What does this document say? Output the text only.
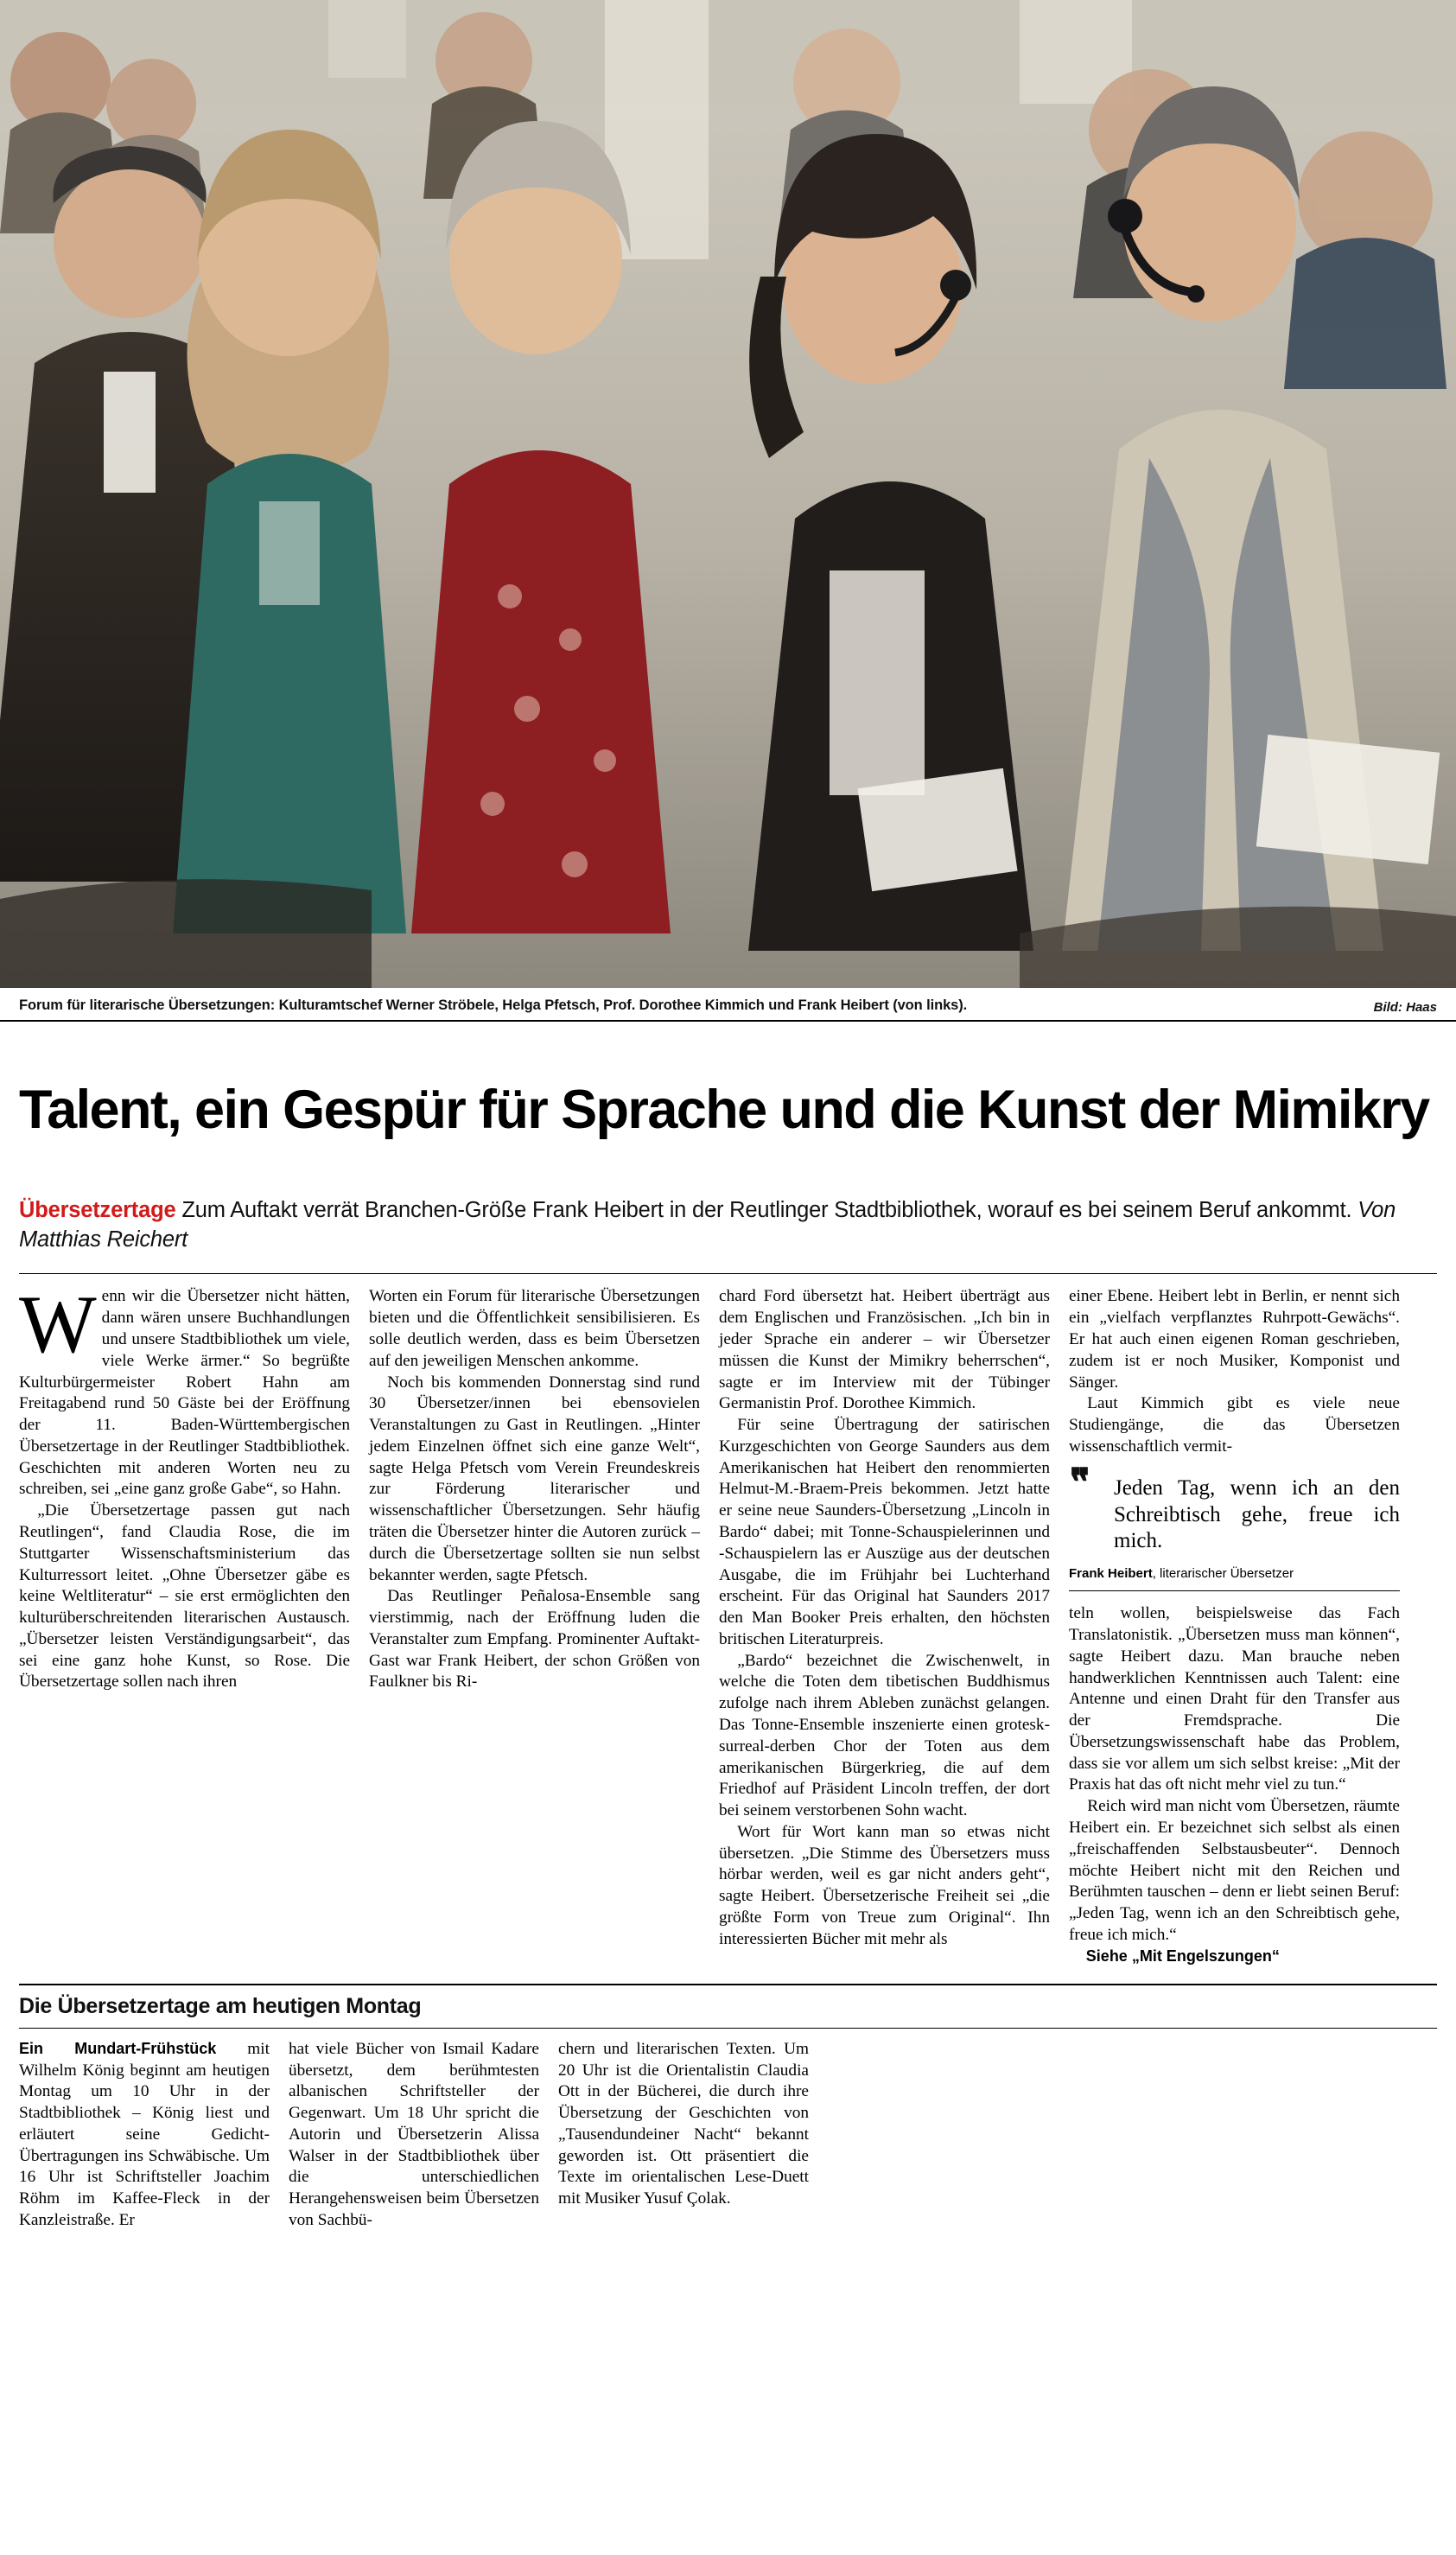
Forum für literarische Übersetzungen: Kulturamtschef Werner Ströbele, Helga Pfetsch, Prof. Dorothee Kimmich und Frank Heibert (von links).	Bild: Haas
Talent, ein Gespür für Sprache und die Kunst der Mimikry
Übersetzertage Zum Auftakt verrät Branchen-Größe Frank Heibert in der Reutlinger Stadtbibliothek, worauf es bei seinem Beruf ankommt. Von Matthias Reichert

Wenn wir die Übersetzer nicht hätten, dann wären unsere Buchhandlungen und unsere Stadtbibliothek um viele, viele Werke ärmer.“ So begrüßte Kulturbürgermeister Robert Hahn am Freitagabend rund 50 Gäste bei der Eröffnung der 11. Baden-Württembergischen Übersetzertage in der Reutlinger Stadtbibliothek. Geschichten mit anderen Worten neu zu schreiben, sei „eine ganz große Gabe“, so Hahn.

„Die Übersetzertage passen gut nach Reutlingen“, fand Claudia Rose, die im Stuttgarter Wissenschaftsministerium das Kulturressort leitet. „Ohne Übersetzer gäbe es keine Weltliteratur“ – sie erst ermöglichten den kulturüberschreitenden literarischen Austausch. „Übersetzer leisten Verständigungsarbeit“, das sei eine ganz hohe Kunst, so Rose. Die Übersetzertage sollen nach ihren

Worten ein Forum für literarische Übersetzungen bieten und die Öffentlichkeit sensibilisieren. Es solle deutlich werden, dass es beim Übersetzen auf den jeweiligen Menschen ankomme.

Noch bis kommenden Donnerstag sind rund 30 Übersetzer/innen bei ebensovielen Veranstaltungen zu Gast in Reutlingen. „Hinter jedem Einzelnen öffnet sich eine ganze Welt“, sagte Helga Pfetsch vom Verein Freundeskreis zur Förderung literarischer und wissenschaftlicher Übersetzungen. Sehr häufig träten die Übersetzer hinter die Autoren zurück – durch die Übersetzertage sollten sie nun selbst bekannter werden, sagte Pfetsch.

Das Reutlinger Peñalosa-Ensemble sang vierstimmig, nach der Eröffnung luden die Veranstalter zum Empfang. Prominenter Auftakt-Gast war Frank Heibert, der schon Größen von Faulkner bis Ri-

chard Ford übersetzt hat. Heibert überträgt aus dem Englischen und Französischen. „Ich bin in jeder Sprache ein anderer – wir Übersetzer müssen die Kunst der Mimikry beherrschen“, sagte er im Interview mit der Tübinger Germanistin Prof. Dorothee Kimmich.

Für seine Übertragung der satirischen Kurzgeschichten von George Saunders aus dem Amerikanischen hat Heibert den renommierten Helmut-M.-Braem-Preis bekommen. Jetzt hatte er seine neue Saunders-Übersetzung „Lincoln in Bardo“ dabei; mit Tonne-Schauspielerinnen und -Schauspielern las er Auszüge aus der deutschen Ausgabe, die im Frühjahr bei Luchterhand erscheint. Für das Original hat Saunders 2017 den Man Booker Preis erhalten, den höchsten britischen Literaturpreis.

„Bardo“ bezeichnet die Zwischenwelt, in welche die Toten dem tibetischen Buddhismus zufolge nach ihrem Ableben zunächst gelangen. Das Tonne-Ensemble inszenierte einen grotesk-surreal-derben Chor der Toten aus dem amerikanischen Bürgerkrieg, die auf dem Friedhof auf Präsident Lincoln treffen, der dort bei seinem verstorbenen Sohn wacht.

Wort für Wort kann man so etwas nicht übersetzen. „Die Stimme des Übersetzers muss hörbar werden, weil es gar nicht anders geht“, sagte Heibert. Übersetzerische Freiheit sei „die größte Form von Treue zum Original“. Ihn interessierten Bücher mit mehr als

einer Ebene. Heibert lebt in Berlin, er nennt sich ein „vielfach verpflanztes Ruhrpott-Gewächs“. Er hat auch einen eigenen Roman geschrieben, zudem ist er noch Musiker, Komponist und Sänger.

Laut Kimmich gibt es viele neue Studiengänge, die das Übersetzen wissenschaftlich vermit-

❞	Jeden Tag, wenn ich an den Schreibtisch gehe, freue ich mich.
Frank Heibert, literarischer Übersetzer

teln wollen, beispielsweise das Fach Translatonistik. „Übersetzen muss man können“, sagte Heibert dazu. Man brauche neben handwerklichen Kenntnissen auch Talent: eine Antenne und einen Draht für den Transfer aus der Fremdsprache. Die Übersetzungswissenschaft habe das Problem, dass sie vor allem um sich selbst kreise: „Mit der Praxis hat das oft nicht mehr viel zu tun.“

Reich wird man nicht vom Übersetzen, räumte Heibert ein. Er bezeichnet sich selbst als einen „freischaffenden Selbstausbeuter“. Dennoch möchte Heibert nicht mit den Reichen und Berühmten tauschen – denn er liebt seinen Beruf: „Jeden Tag, wenn ich an den Schreibtisch gehe, freue ich mich.“

Siehe „Mit Engelszungen“

Die Übersetzertage am heutigen Montag

Ein Mundart-Frühstück mit Wilhelm König beginnt am heutigen Montag um 10 Uhr in der Stadtbibliothek – König liest und erläutert seine Gedicht-Übertragungen ins Schwäbische. Um 16 Uhr ist Schriftsteller Joachim Röhm im Kaffee-Fleck in der Kanzleistraße. Er

hat viele Bücher von Ismail Kadare übersetzt, dem berühmtesten albanischen Schriftsteller der Gegenwart. Um 18 Uhr spricht die Autorin und Übersetzerin Alissa Walser in der Stadtbibliothek über die unterschiedlichen Herangehensweisen beim Übersetzen von Sachbü-

chern und literarischen Texten. Um 20 Uhr ist die Orientalistin Claudia Ott in der Bücherei, die durch ihre Übersetzung der Geschichten von „Tausendundeiner Nacht“ bekannt geworden ist. Ott präsentiert die Texte im orientalischen Lese-Duett mit Musiker Yusuf Çolak.
